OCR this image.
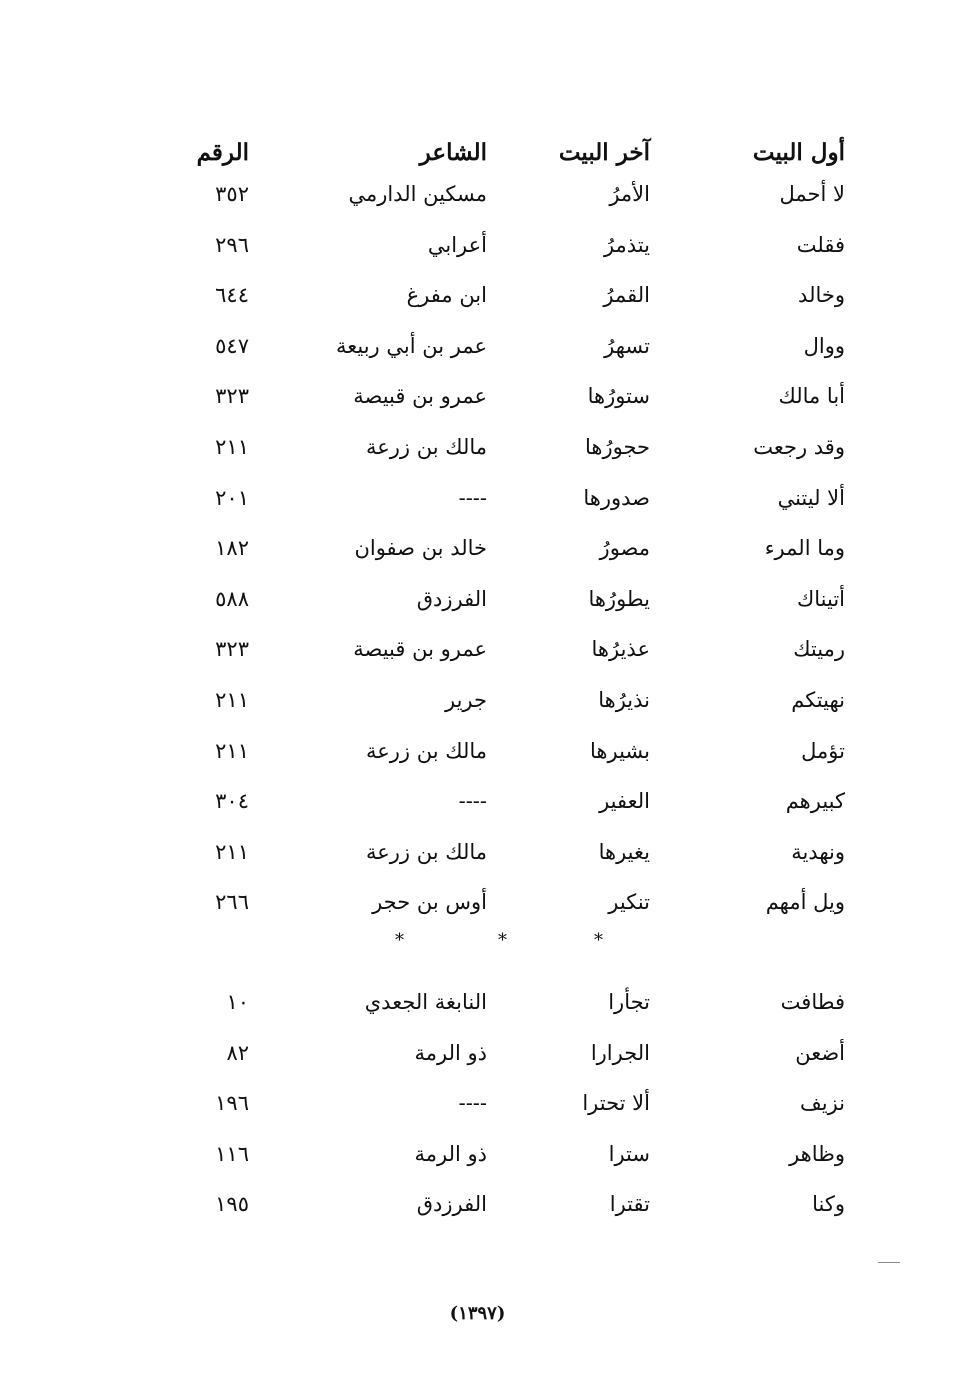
أول البيت
آخر البيت
الشاعر
الرقم
لا أحمل
الأمرُ
مسكين الدارمي
٣٥٢
فقلت
يتذمرُ
أعرابي
٢٩٦
وخالد
القمرُ
ابن مفرغ
٦٤٤
ووال
تسهرُ
عمر بن أبي ربيعة
٥٤٧
أبا مالك
ستورُها
عمرو بن قبيصة
٣٢٣
وقد رجعت
حجورُها
مالك بن زرعة
٢١١
ألا ليتني
صدورها
----
٢٠١
وما المرء
مصورُ
خالد بن صفوان
١٨٢
أتيناك
يطورُها
الفرزدق
٥٨٨
رميتك
عذيرُها
عمرو بن قبيصة
٣٢٣
نهيتكم
نذيرُها
جرير
٢١١
تؤمل
بشيرها
مالك بن زرعة
٢١١
كبيرهم
العفير
----
٣٠٤
ونهدية
يغيرها
مالك بن زرعة
٢١١
ويل أمهم
تنكير
أوس بن حجر
٢٦٦
*	*	*
فطافت
تجأرا
النابغة الجعدي
١٠
أضعن
الجرارا
ذو الرمة
٨٢
نزيف
ألا تحترا
----
١٩٦
وظاهر
سترا
ذو الرمة
١١٦
وكنا
تقترا
الفرزدق
١٩٥
(١٣٩٧)
